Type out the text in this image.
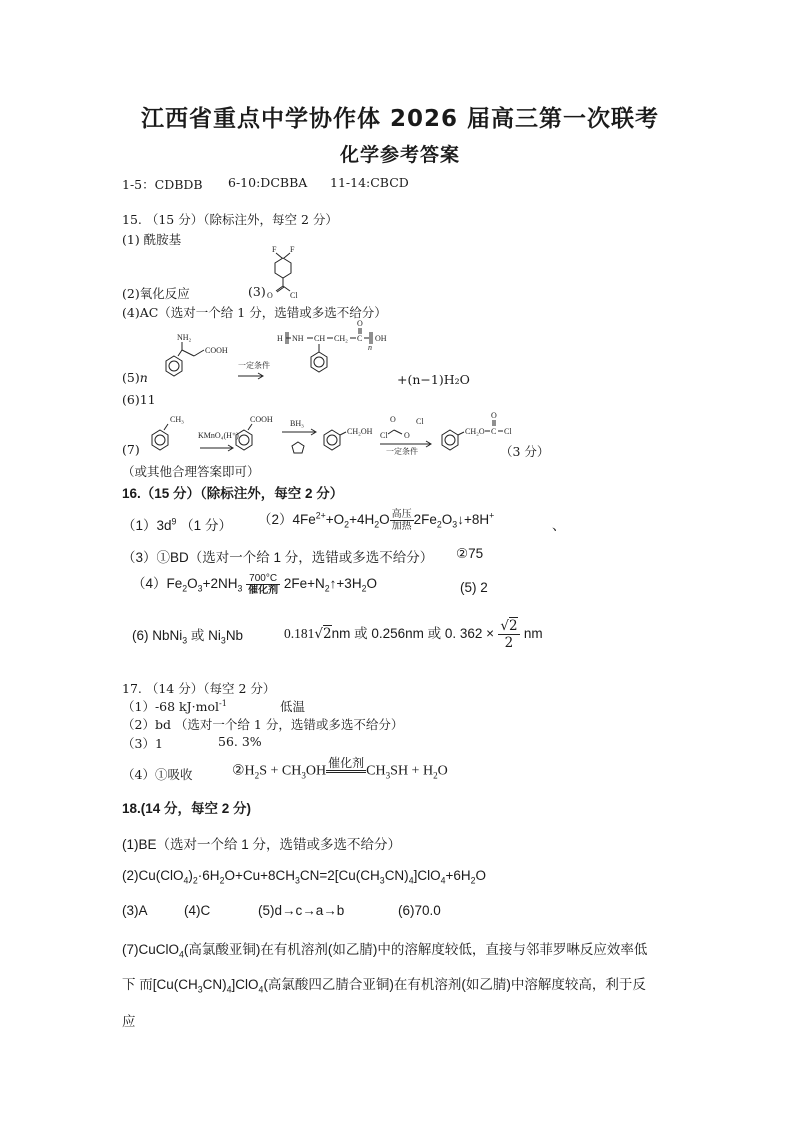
江西省重点中学协作体 2026 届高三第一次联考
化学参考答案
1-5：CDBDB 6-10:DCBBA 11-14:CBCD
15. （15 分）（除标注外，每空 2 分）
(1) 酰胺基
F F
O Cl
(2)氧化反应	(3)
(4)AC（选对一个给 1 分，选错或多选不给分）
NH₂
COOH
(5)n
一定条件
H NH CH CH₂ C
O
n
OH
+(n−1)H₂O
(6)11
(7)
CH₃
KMnO₄(H⁺)
COOH BH₃
CH₂OH Cl
O
O
Cl
一定条件
CH₂O C
O
Cl
（3 分）
（或其他合理答案即可）
16.（15 分）（除标注外，每空 2 分）
$(1)3d^9$ （1 分） $(2)4Fe^{2+}+O_2+4H_2O$ 高压
加热 $2Fe_2O_3↓+8H^+$
、
（3）①BD（选对一个给 1 分，选错或多选不给分） ②75
$(4)Fe_2O_3+2NH_3$
700°C
催化剂 $2Fe+N_2↑+3H_2O$	(5) 2
(6) NbNi$_3$ 或 $Ni_3Nb$	0.181√2nm 或 0.256nm 或 0. $362 \times \frac{√2}{2}$ nm
17. （14 分）（每空 2 分）
（1）-68 kJ·mol$^{-1}$	低温
（2）bd （选对一个给 1 分，选错或多选不给分）
（3）1	56. 3%
（4）①吸收	$②H_2S + CH_3OH$
催化剂

$CH_3SH + H_2O$
18.(14 分，每空 2 分)
(1)BE（选对一个给 1 分，选错或多选不给分）
$(2)Cu(ClO_4)_2\cdot 6H_2O+Cu+8CH_3CN=2[Cu(CH_3CN)_4]ClO_4+6H_2O$
(3)A	(4)C	(5)d→c→a→b	(6)70.0
(7)CuClO$_4$(高氯酸亚铜)在有机溶剂(如乙腈)中的溶解度较低，直接与邻菲罗啉反应效率低
下 而$[Cu(CH_3CN)_4]ClO_4$(高氯酸四乙腈合亚铜)在有机溶剂(如乙腈)中溶解度较高，利于反
应
